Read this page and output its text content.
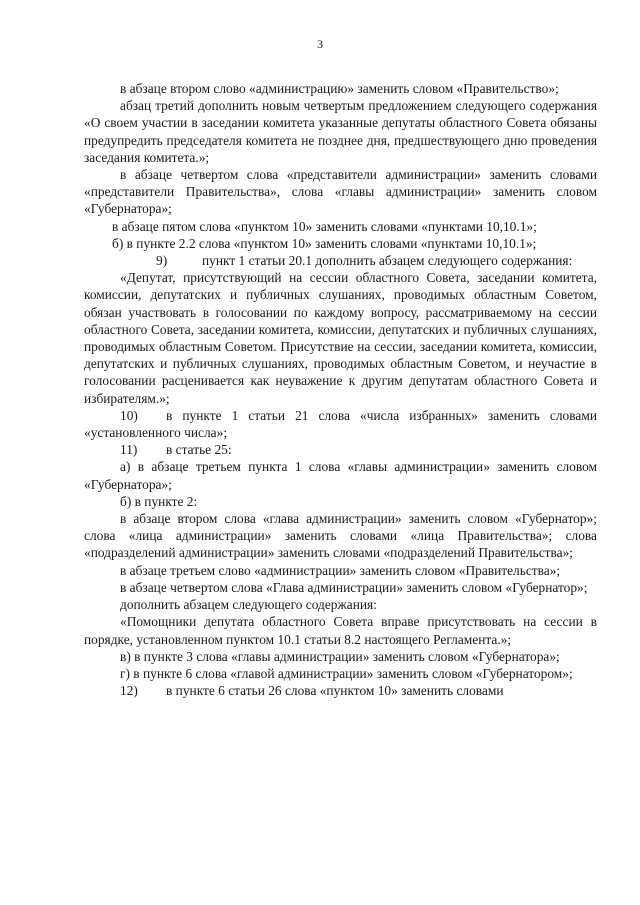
3

в абзаце втором слово «администрацию» заменить словом «Правительство»;

абзац третий дополнить новым четвертым предложением следующего содержания «О своем участии в заседании комитета указанные депутаты областного Совета обязаны предупредить председателя комитета не позднее дня, предшествующего дню проведения заседания комитета.»;

в абзаце четвертом слова «представители администрации» заменить словами «представители Правительства», слова «главы администрации» заменить словом «Губернатора»;

в абзаце пятом слова «пунктом 10» заменить словами «пунктами 10,10.1»;

б) в пункте 2.2 слова «пунктом 10» заменить словами «пунктами 10,10.1»;

9)	пункт 1 статьи 20.1 дополнить абзацем следующего содержания:

«Депутат, присутствующий на сессии областного Совета, заседании комитета, комиссии, депутатских и публичных слушаниях, проводимых областным Советом, обязан участвовать в голосовании по каждому вопросу, рассматриваемому на сессии областного Совета, заседании комитета, комиссии, депутатских и публичных слушаниях, проводимых областным Советом. Присутствие на сессии, заседании комитета, комиссии, депутатских и публичных слушаниях, проводимых областным Советом, и неучастие в голосовании расценивается как неуважение к другим депутатам областного Совета и избирателям.»;

10) в пункте 1 статьи 21 слова «числа избранных» заменить словами «установленного числа»;

11) в статье 25:

а) в абзаце третьем пункта 1 слова «главы администрации» заменить словом «Губернатора»;

б) в пункте 2:

в абзаце втором слова «глава администрации» заменить словом «Губернатор»; слова «лица администрации» заменить словами «лица Правительства»; слова «подразделений администрации» заменить словами «подразделений Правительства»;

в абзаце третьем слово «администрации» заменить словом «Правительства»;

в абзаце четвертом слова «Глава администрации» заменить словом «Губернатор»;

дополнить абзацем следующего содержания:

«Помощники депутата областного Совета вправе присутствовать на сессии в порядке, установленном пунктом 10.1 статьи 8.2 настоящего Регламента.»;

в) в пункте 3 слова «главы администрации» заменить словом «Губернатора»;

г) в пункте 6 слова «главой администрации» заменить словом «Губернатором»;

12) в пункте 6 статьи 26 слова «пунктом 10» заменить словами
